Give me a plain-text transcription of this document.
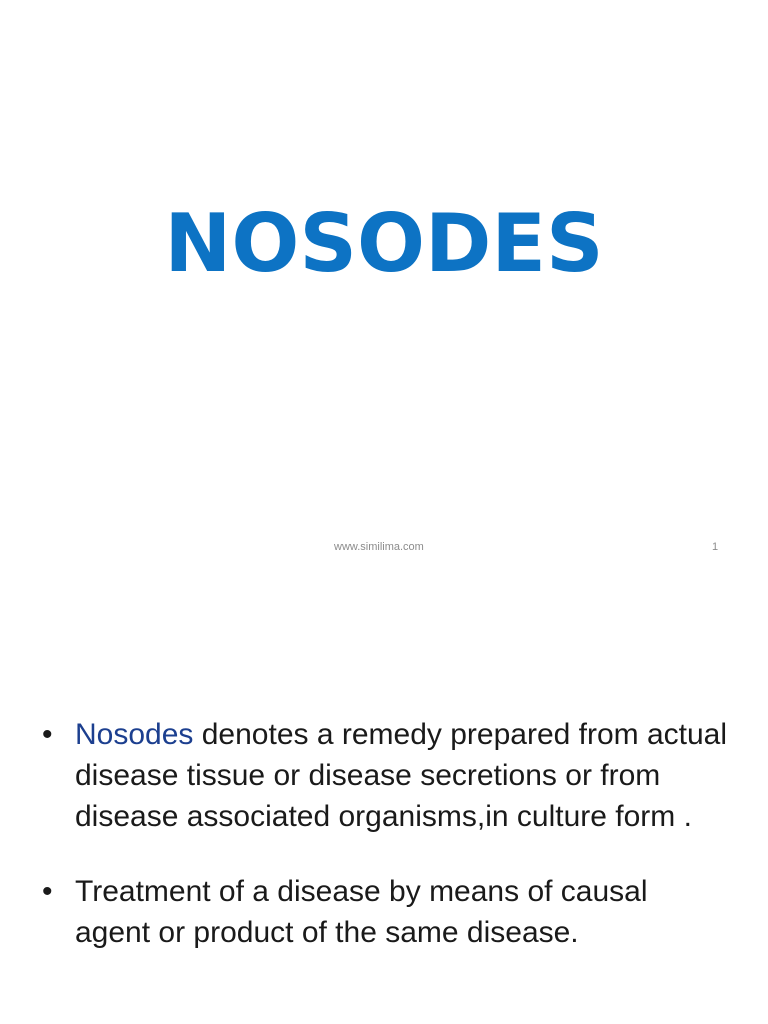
NOSODES
www.similima.com	1
• Nosodes denotes a remedy prepared from actual disease tissue or disease secretions or from disease associated organisms,in culture form .
• Treatment of a disease by means of causal agent or product of the same disease.
